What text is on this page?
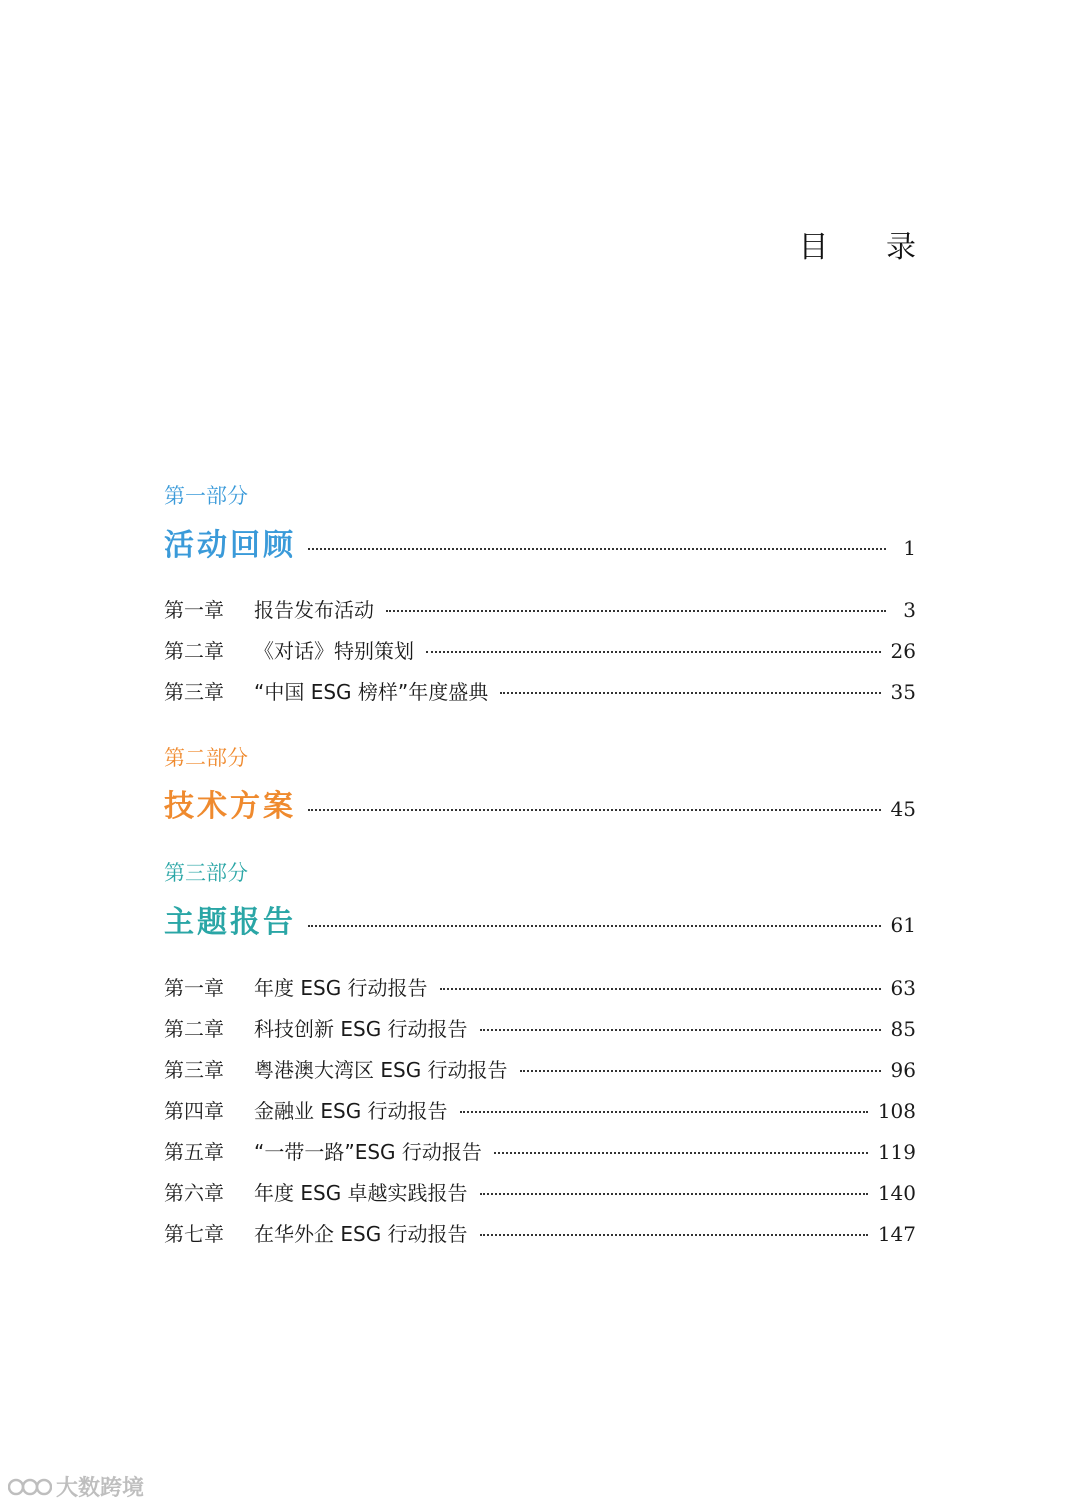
目 录
第一部分
活动回顾	1
第一章	报告发布活动	3
第二章	《对话》特别策划	26
第三章	“中国 ESG 榜样”年度盛典	35
第二部分
技术方案	45
第三部分
主题报告	61
第一章	年度 ESG 行动报告	63
第二章	科技创新 ESG 行动报告	85
第三章	粤港澳大湾区 ESG 行动报告	96
第四章	金融业 ESG 行动报告	108
第五章	“一带一路”ESG 行动报告	119
第六章	年度 ESG 卓越实践报告	140
第七章	在华外企 ESG 行动报告	147
大数跨境
